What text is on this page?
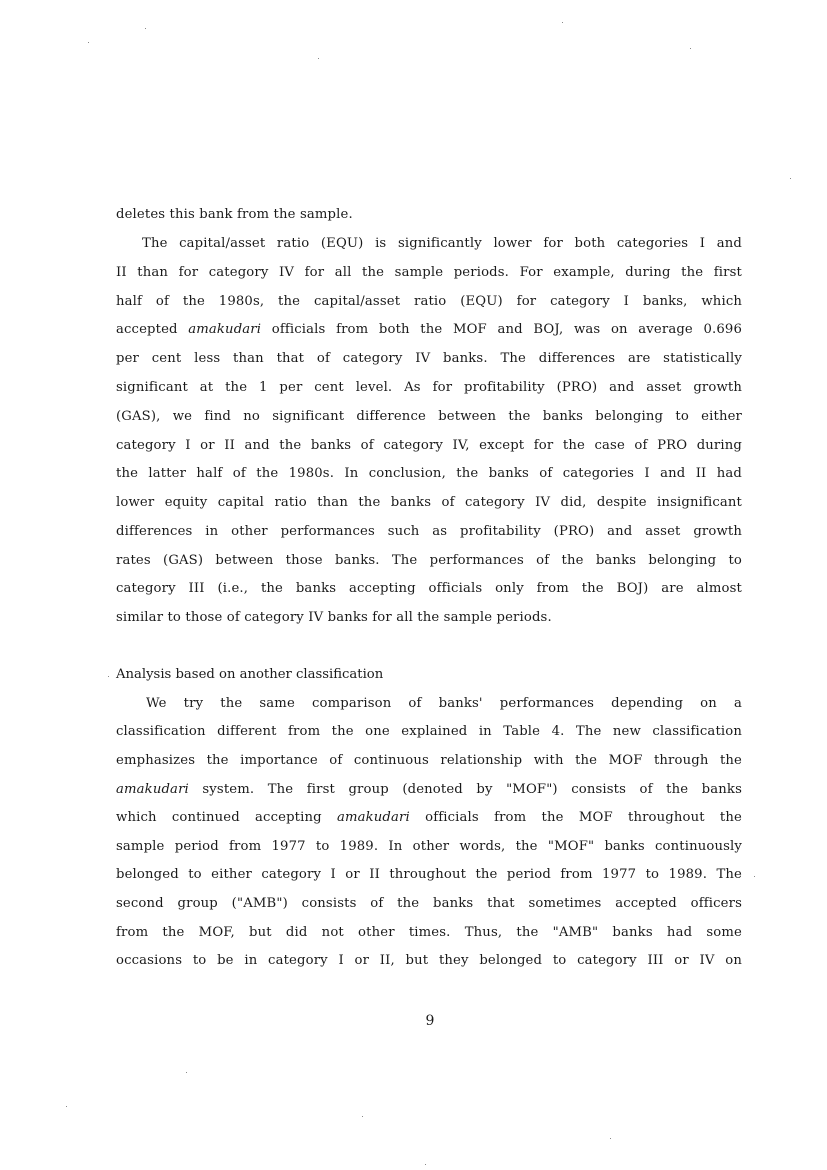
deletes this bank from the sample.
The capital/asset ratio (EQU) is significantly lower for both categories I and
II than for category IV for all the sample periods. For example, during the first
half of the 1980s, the capital/asset ratio (EQU) for category I banks, which
accepted amakudari officials from both the MOF and BOJ, was on average 0.696
per cent less than that of category IV banks. The differences are statistically
significant at the 1 per cent level. As for profitability (PRO) and asset growth
(GAS), we find no significant difference between the banks belonging to either
category I or II and the banks of category IV, except for the case of PRO during
the latter half of the 1980s. In conclusion, the banks of categories I and II had
lower equity capital ratio than the banks of category IV did, despite insignificant
differences in other performances such as profitability (PRO) and asset growth
rates (GAS) between those banks. The performances of the banks belonging to
category III (i.e., the banks accepting officials only from the BOJ) are almost
similar to those of category IV banks for all the sample periods.
Analysis based on another classification
We try the same comparison of banks' performances depending on a
classification different from the one explained in Table 4. The new classification
emphasizes the importance of continuous relationship with the MOF through the
amakudari system. The first group (denoted by "MOF") consists of the banks
which continued accepting amakudari officials from the MOF throughout the
sample period from 1977 to 1989. In other words, the "MOF" banks continuously
belonged to either category I or II throughout the period from 1977 to 1989. The
second group ("AMB") consists of the banks that sometimes accepted officers
from the MOF, but did not other times. Thus, the "AMB" banks had some
occasions to be in category I or II, but they belonged to category III or IV on
9
